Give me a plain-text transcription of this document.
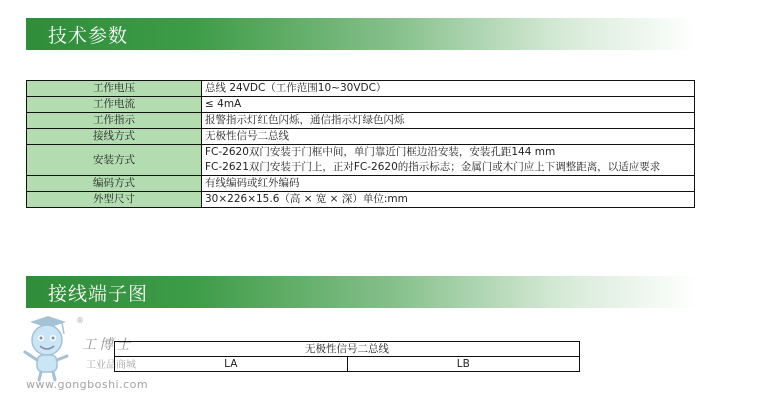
技术参数
工作电压	总线 24VDC（工作范围10~30VDC）
工作电流	≤ 4mA
工作指示	报警指示灯红色闪烁，通信指示灯绿色闪烁
接线方式	无极性信号二总线
安装方式	FC-2620双门安装于门框中间，单门靠近门框边沿安装，安装孔距144 mm
FC-2621双门安装于门上，正对FC-2620的指示标志；金属门或木门应上下调整距离，以适应要求

编码方式	有线编码或红外编码
外型尺寸	30×226×15.6（高 × 宽 × 深）单位:mm
接线端子图
®
工博士
工业品商城
www.gongboshi.com
无极性信号二总线
LA	LB
